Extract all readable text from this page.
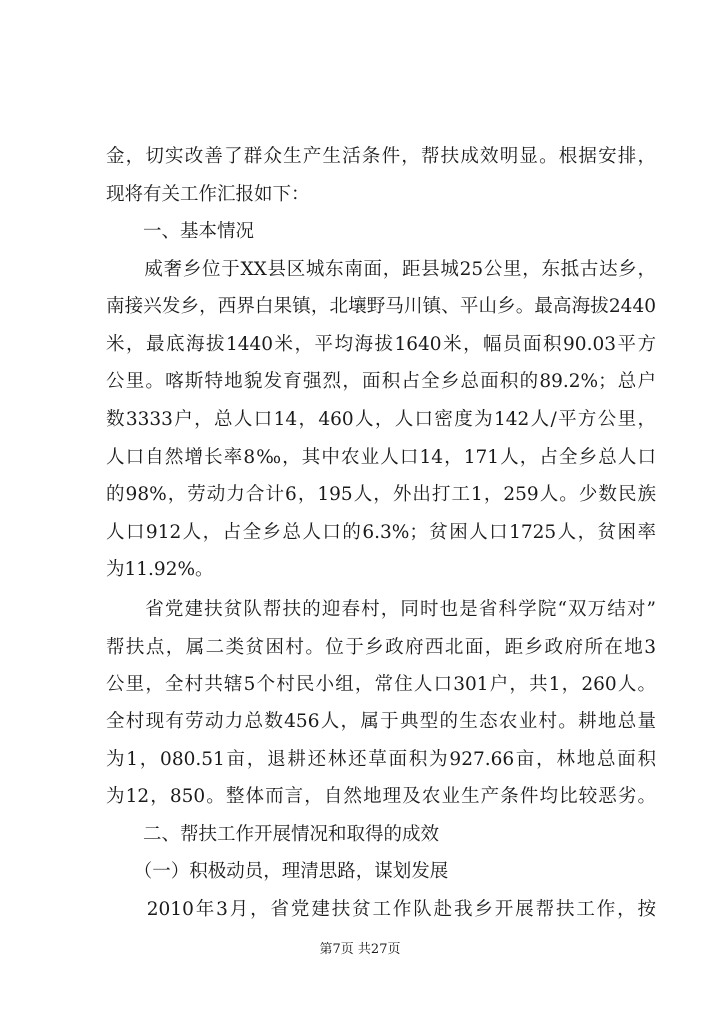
金，切实改善了群众生产生活条件，帮扶成效明显。根据安排，
现将有关工作汇报如下：
　　一、基本情况
　　威奢乡位于XX县区城东南面，距县城25公里，东抵古达乡，
南接兴发乡，西界白果镇，北壤野马川镇、平山乡。最高海拔2440
米，最底海拔1440米，平均海拔1640米，幅员面积90.03平方
公里。喀斯特地貌发育强烈，面积占全乡总面积的89.2%；总户
数3333户，总人口14，460人，人口密度为142人/平方公里，
人口自然增长率8‰，其中农业人口14，171人，占全乡总人口
的98%，劳动力合计6，195人，外出打工1，259人。少数民族
人口912人，占全乡总人口的6.3%；贫困人口1725人，贫困率
为11.92%。
　　省党建扶贫队帮扶的迎春村，同时也是省科学院“双万结对”
帮扶点，属二类贫困村。位于乡政府西北面，距乡政府所在地3
公里，全村共辖5个村民小组，常住人口301户，共1，260人。
全村现有劳动力总数456人，属于典型的生态农业村。耕地总量
为1，080.51亩，退耕还林还草面积为927.66亩，林地总面积
为12，850。整体而言，自然地理及农业生产条件均比较恶劣。
　　二、帮扶工作开展情况和取得的成效
　　（一）积极动员，理清思路，谋划发展
　　2010年3月，省党建扶贫工作队赴我乡开展帮扶工作，按
第7页 共27页
